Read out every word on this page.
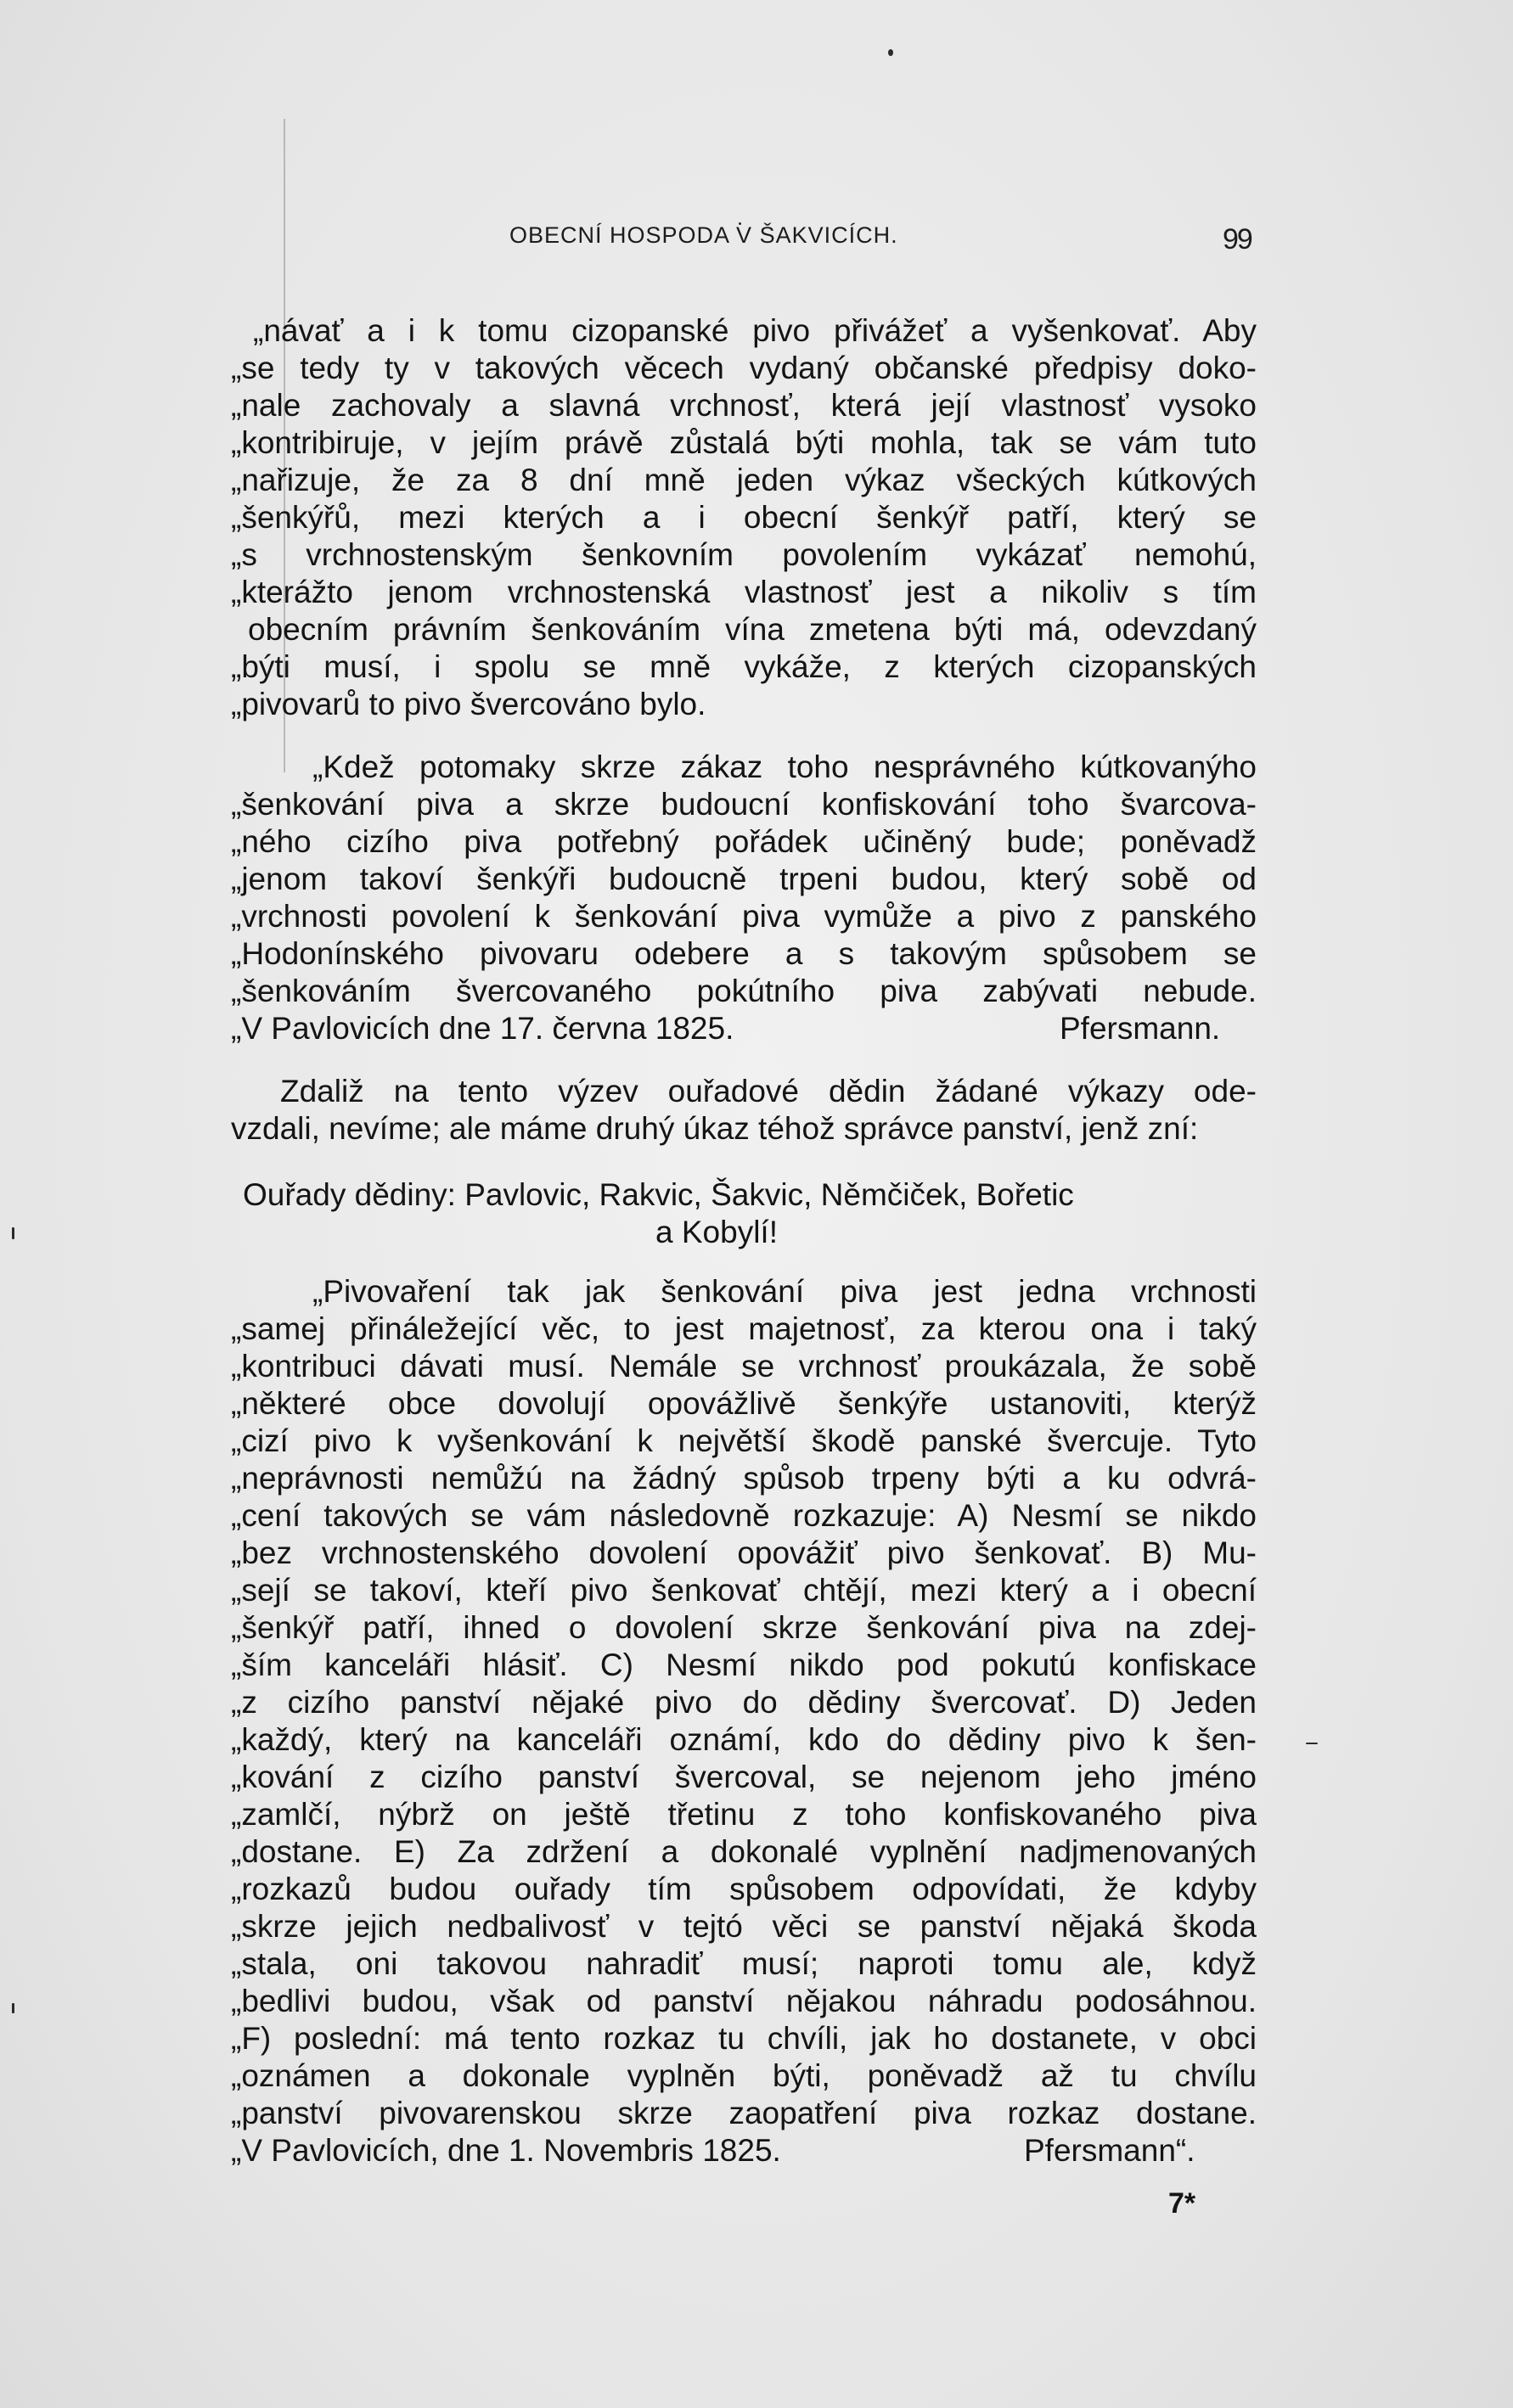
OBECNÍ HOSPODA V ŠAKVICÍCH.	99
„návať a i k tomu cizopanské pivo přivážeť a vyšenkovať. Aby
„se tedy ty v takových věcech vydaný občanské předpisy doko-
„nale zachovaly a slavná vrchnosť, která její vlastnosť vysoko
„kontribiruje, v jejím právě zůstalá býti mohla, tak se vám tuto
„nařizuje, že za 8 dní mně jeden výkaz všeckých kútkových
„šenkýřů, mezi kterých a i obecní šenkýř patří, který se
„s vrchnostenským šenkovním povolením vykázať nemohú,
„kterážto jenom vrchnostenská vlastnosť jest a nikoliv s tím
obecním právním šenkováním vína zmetena býti má, odevzdaný
„býti musí, i spolu se mně vykáže, z kterých cizopanských
„pivovarů to pivo švercováno bylo.
„Kdež potomaky skrze zákaz toho nesprávného kútkovanýho
„šenkování piva a skrze budoucní konfiskování toho švarcova-
„ného cizího piva potřebný pořádek učiněný bude; poněvadž
„jenom takoví šenkýři budoucně trpeni budou, který sobě od
„vrchnosti povolení k šenkování piva vymůže a pivo z panského
„Hodonínského pivovaru odebere a s takovým spůsobem se
„šenkováním švercovaného pokútního piva zabývati nebude.
„V Pavlovicích dne 17. června 1825.	Pfersmann.
Zdaliž na tento výzev ouřadové dědin žádané výkazy ode-
vzdali, nevíme; ale máme druhý úkaz téhož správce panství, jenž zní:
Ouřady dědiny: Pavlovic, Rakvic, Šakvic, Němčiček, Bořetic
a Kobylí!
„Pivovaření tak jak šenkování piva jest jedna vrchnosti
„samej přináležející věc, to jest majetnosť, za kterou ona i taký
„kontribuci dávati musí. Nemále se vrchnosť proukázala, že sobě
„některé obce dovolují opovážlivě šenkýře ustanoviti, kterýž
„cizí pivo k vyšenkování k největší škodě panské švercuje. Tyto
„neprávnosti nemůžú na žádný spůsob trpeny býti a ku odvrá-
„cení takových se vám následovně rozkazuje: A) Nesmí se nikdo
„bez vrchnostenského dovolení opovážiť pivo šenkovať. B) Mu-
„sejí se takoví, kteří pivo šenkovať chtějí, mezi který a i obecní
„šenkýř patří, ihned o dovolení skrze šenkování piva na zdej-
„ším kanceláři hlásiť. C) Nesmí nikdo pod pokutú konfiskace
„z cizího panství nějaké pivo do dědiny švercovať. D) Jeden
„každý, který na kanceláři oznámí, kdo do dědiny pivo k šen-
„kování z cizího panství švercoval, se nejenom jeho jméno
„zamlčí, nýbrž on ještě třetinu z toho konfiskovaného piva
„dostane. E) Za zdržení a dokonalé vyplnění nadjmenovaných
„rozkazů budou ouřady tím spůsobem odpovídati, že kdyby
„skrze jejich nedbalivosť v tejtó věci se panství nějaká škoda
„stala, oni takovou nahradiť musí; naproti tomu ale, když
„bedlivi budou, však od panství nějakou náhradu podosáhnou.
„F) poslední: má tento rozkaz tu chvíli, jak ho dostanete, v obci
„oznámen a dokonale vyplněn býti, poněvadž až tu chvílu
„panství pivovarenskou skrze zaopatření piva rozkaz dostane.
„V Pavlovicích, dne 1. Novembris 1825.	Pfersmann“.
7*
